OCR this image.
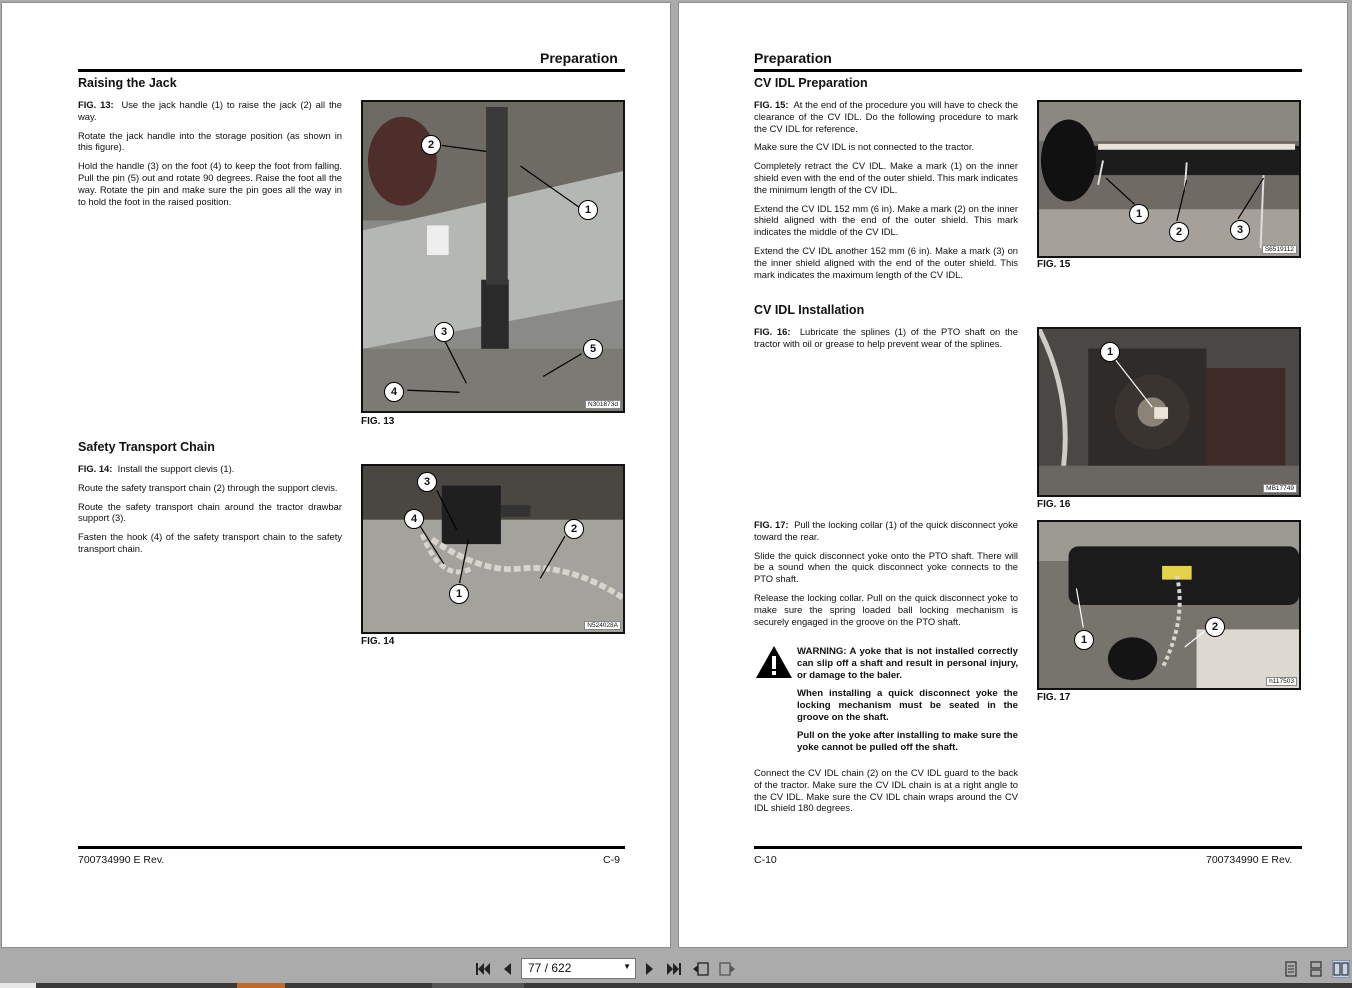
Preparation
Raising the Jack

FIG. 13: Use the jack handle (1) to raise the jack (2) all the way.

Rotate the jack handle into the storage position (as shown in this figure).

Hold the handle (3) on the foot (4) to keep the foot from falling. Pull the pin (5) out and rotate 90 degrees. Raise the foot all the way. Rotate the pin and make sure the pin goes all the way in to hold the foot in the raised position.

2
1
3
5
4
N301873d
FIG. 13
Safety Transport Chain

FIG. 14: Install the support clevis (1).

Route the safety transport chain (2) through the support clevis.

Route the safety transport chain around the tractor drawbar support (3).

Fasten the hook (4) of the safety transport chain to the safety transport chain.

3
4
2
1
N524028A
FIG. 14
700734990 E Rev.	C-9
Preparation
CV IDL Preparation

FIG. 15: At the end of the procedure you will have to check the clearance of the CV IDL. Do the following procedure to mark the CV IDL for reference.

Make sure the CV IDL is not connected to the tractor.

Completely retract the CV IDL. Make a mark (1) on the inner shield even with the end of the outer shield. This mark indicates the minimum length of the CV IDL.

Extend the CV IDL 152 mm (6 in). Make a mark (2) on the inner shield aligned with the end of the outer shield. This mark indicates the middle of the CV IDL.

Extend the CV IDL another 152 mm (6 in). Make a mark (3) on the inner shield aligned with the end of the outer shield. This mark indicates the maximum length of the CV IDL.

1
2	3
S6519112
FIG. 15
CV IDL Installation

FIG. 16: Lubricate the splines (1) of the PTO shaft on the tractor with oil or grease to help prevent wear of the splines.

1
MB17749
FIG. 16

FIG. 17: Pull the locking collar (1) of the quick disconnect yoke toward the rear.

Slide the quick disconnect yoke onto the PTO shaft. There will be a sound when the quick disconnect yoke connects to the PTO shaft.

Release the locking collar. Pull on the quick disconnect yoke to make sure the spring loaded ball locking mechanism is securely engaged in the groove on the PTO shaft.

WARNING: A yoke that is not installed correctly can slip off a shaft and result in personal injury, or damage to the baler.

When installing a quick disconnect yoke the locking mechanism must be seated in the groove on the shaft.

Pull on the yoke after installing to make sure the yoke cannot be pulled off the shaft.

Connect the CV IDL chain (2) on the CV IDL guard to the back of the tractor. Make sure the CV IDL chain is at a right angle to the CV IDL. Make sure the CV IDL chain wraps around the CV IDL shield 180 degrees.

1
2
h117503
FIG. 17
C-10	700734990 E Rev.
77 / 622	▼
